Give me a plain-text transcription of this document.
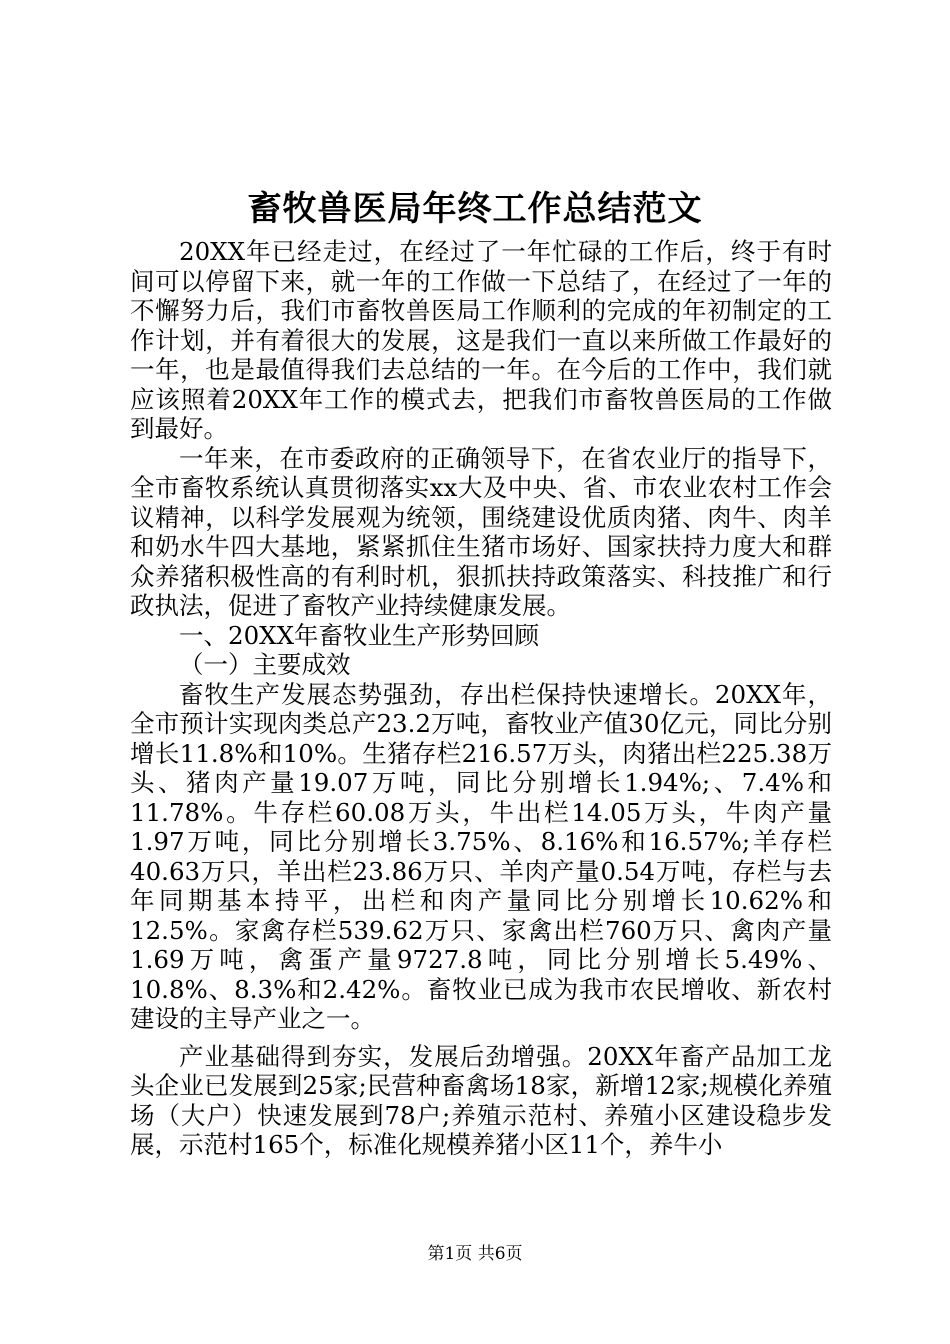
畜牧兽医局年终工作总结范文

20XX年已经走过，在经过了一年忙碌的工作后，终于有时间可以停留下来，就一年的工作做一下总结了，在经过了一年的不懈努力后，我们市畜牧兽医局工作顺利的完成的年初制定的工作计划，并有着很大的发展，这是我们一直以来所做工作最好的一年，也是最值得我们去总结的一年。在今后的工作中，我们就应该照着20XX年工作的模式去，把我们市畜牧兽医局的工作做到最好。

一年来，在市委政府的正确领导下，在省农业厅的指导下，全市畜牧系统认真贯彻落实xx大及中央、省、市农业农村工作会议精神，以科学发展观为统领，围绕建设优质肉猪、肉牛、肉羊和奶水牛四大基地，紧紧抓住生猪市场好、国家扶持力度大和群众养猪积极性高的有利时机，狠抓扶持政策落实、科技推广和行政执法，促进了畜牧产业持续健康发展。

一、20XX年畜牧业生产形势回顾

（一）主要成效

畜牧生产发展态势强劲，存出栏保持快速增长。20XX年，全市预计实现肉类总产23.2万吨，畜牧业产值30亿元，同比分别增长11.8%和10%。生猪存栏216.57万头，肉猪出栏225.38万头、猪肉产量19.07万吨，同比分别增长1.94%;、7.4%和11.78%。牛存栏60.08万头，牛出栏14.05万头，牛肉产量1.97万吨，同比分别增长3.75%、8.16%和16.57%;羊存栏40.63万只，羊出栏23.86万只、羊肉产量0.54万吨，存栏与去年同期基本持平，出栏和肉产量同比分别增长10.62%和12.5%。家禽存栏539.62万只、家禽出栏760万只、禽肉产量1.69万吨，禽蛋产量9727.8吨，同比分别增长5.49%、10.8%、8.3%和2.42%。畜牧业已成为我市农民增收、新农村建设的主导产业之一。

产业基础得到夯实，发展后劲增强。20XX年畜产品加工龙头企业已发展到25家;民营种畜禽场18家，新增12家;规模化养殖场（大户）快速发展到78户;养殖示范村、养殖小区建设稳步发展，示范村165个，标准化规模养猪小区11个，养牛小

第1页 共6页
